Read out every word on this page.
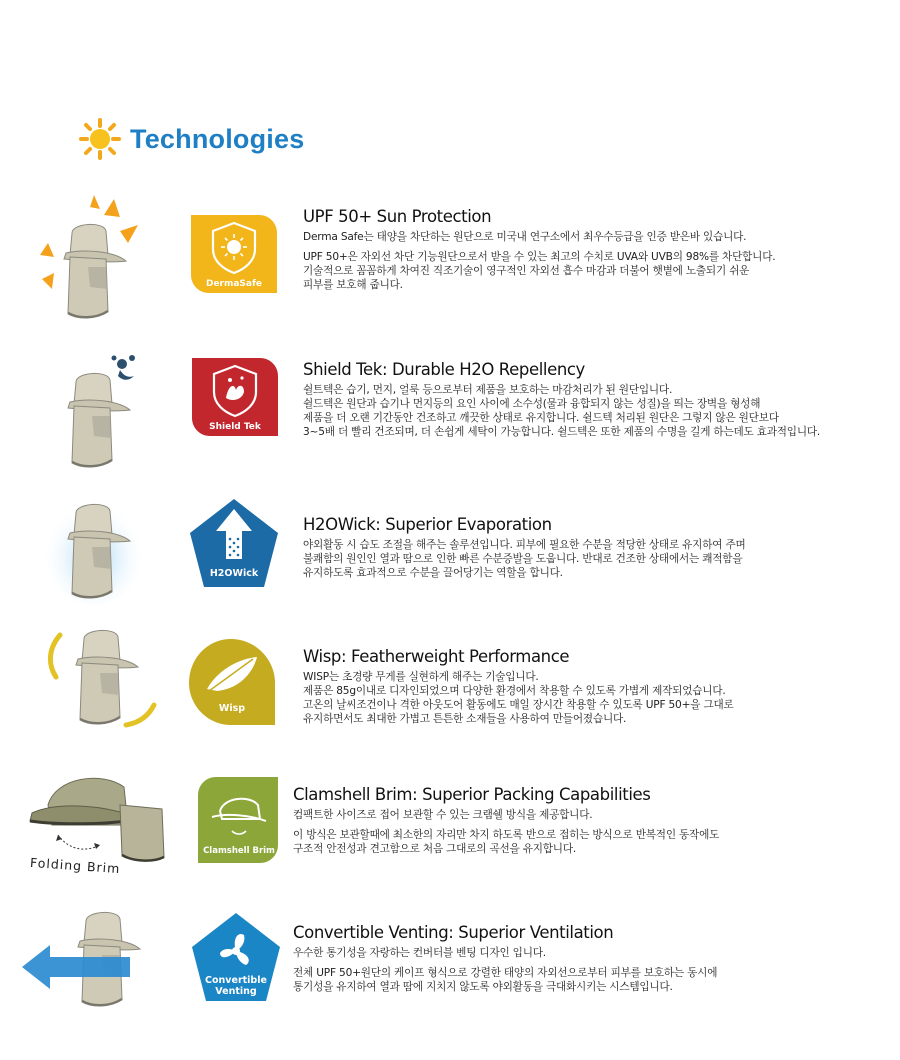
Technologies
DermaSafe
UPF 50+ Sun Protection
Derma Safe는 태양을 차단하는 원단으로 미국내 연구소에서 최우수등급을 인증 받은바 있습니다.
UPF 50+은 자외선 차단 기능원단으로서 받을 수 있는 최고의 수치로 UVA와 UVB의 98%를 차단합니다.
기술적으로 꼼꼼하게 차여진 직조기술이 영구적인 자외선 흡수 마감과 더불어 햇볕에 노출되기 쉬운
피부를 보호해 줍니다.
Shield Tek
Shield Tek: Durable H2O Repellency
쉴트텍은 습기, 먼지, 얼룩 등으로부터 제품을 보호하는 마감처리가 된 원단입니다.
쉴드텍은 원단과 습기나 먼지등의 요인 사이에 소수성(물과 융합되지 않는 성질)을 띄는 장벽을 형성해
제품을 더 오랜 기간동안 건조하고 깨끗한 상태로 유지합니다. 쉴드텍 처리된 원단은 그렇지 않은 원단보다
3~5배 더 빨리 건조되며, 더 손쉽게 세탁이 가능합니다. 쉴드텍은 또한 제품의 수명을 길게 하는데도 효과적입니다.
H2OWick
H2OWick: Superior Evaporation
야외활동 시 습도 조절을 해주는 솔루션입니다. 피부에 필요한 수분을 적당한 상태로 유지하여 주며
불쾌함의 원인인 열과 땀으로 인한 빠른 수분증발을 도웁니다. 반대로 건조한 상태에서는 쾌적함을
유지하도록 효과적으로 수분을 끌어당기는 역할을 합니다.
Wisp
Wisp: Featherweight Performance
WISP는 초경량 무게를 실현하게 해주는 기술입니다.
제품은 85g이내로 디자인되었으며 다양한 환경에서 착용할 수 있도록 가볍게 제작되었습니다.
고온의 날씨조건이나 격한 아웃도어 활동에도 매일 장시간 착용할 수 있도록 UPF 50+을 그대로
유지하면서도 최대한 가볍고 튼튼한 소재들을 사용하여 만들어졌습니다.
Folding Brim
Clamshell Brim
Clamshell Brim: Superior Packing Capabilities
컴팩트한 사이즈로 접어 보관할 수 있는 크램쉘 방식을 제공합니다.
이 방식은 보관할때에 최소한의 자리만 차지 하도록 반으로 접히는 방식으로 반복적인 동작에도
구조적 안전성과 견고함으로 처음 그대로의 곡선을 유지합니다.
Convertible
Venting
Convertible Venting: Superior Ventilation
우수한 통기성을 자랑하는 컨버터블 벤팅 디자인 입니다.
전체 UPF 50+원단의 케이프 형식으로 강렬한 태양의 자외선으로부터 피부를 보호하는 동시에
통기성을 유지하여 열과 땀에 지치지 않도록 야외활동을 극대화시키는 시스템입니다.
